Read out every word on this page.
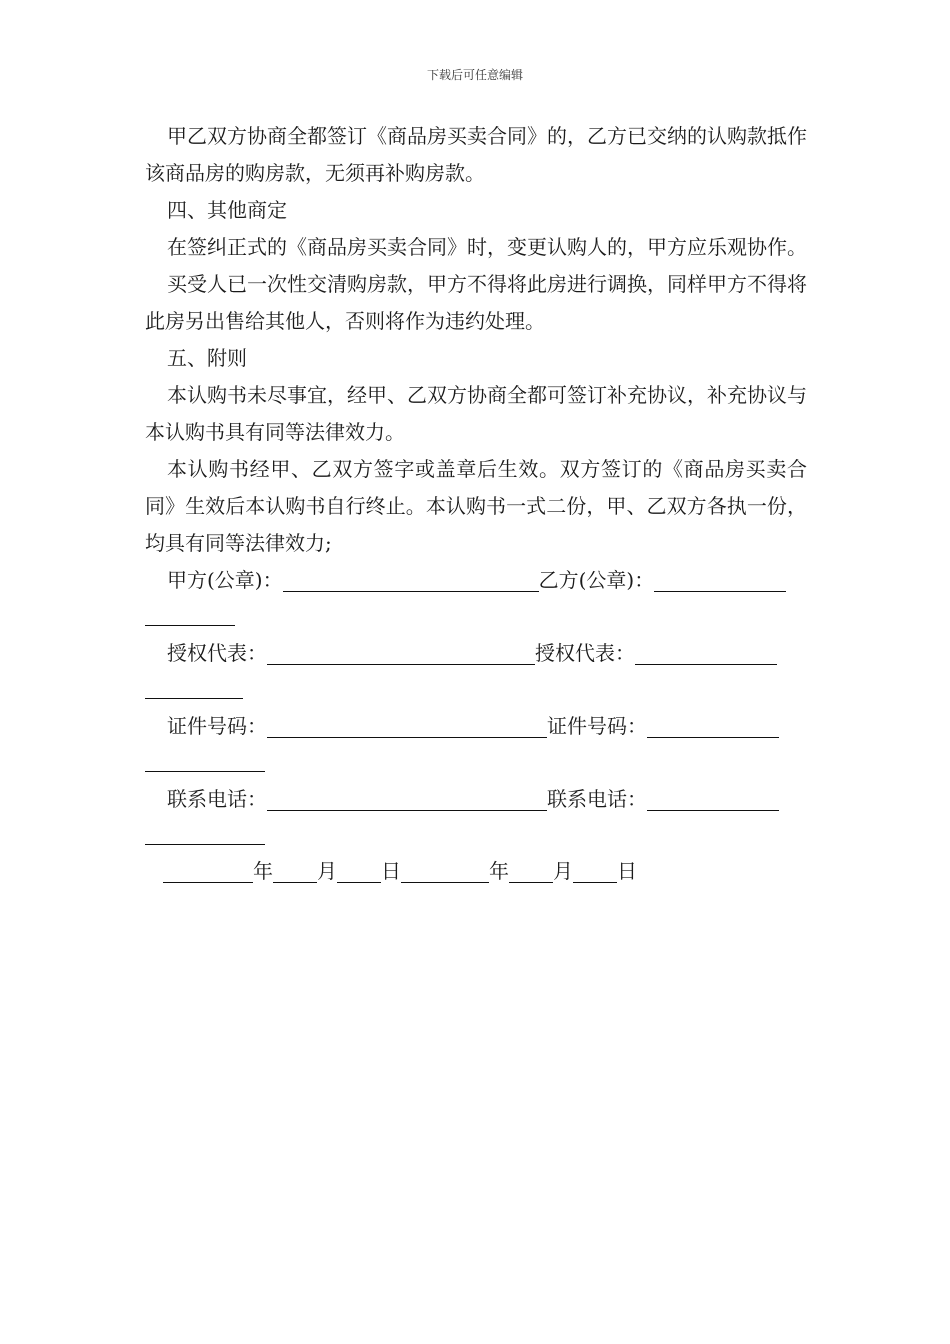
下载后可任意编辑

甲乙双方协商全都签订《商品房买卖合同》的，乙方已交纳的认购款抵作该商品房的购房款，无须再补购房款。

四、其他商定

在签纠正式的《商品房买卖合同》时，变更认购人的，甲方应乐观协作。

买受人已一次性交清购房款，甲方不得将此房进行调换，同样甲方不得将此房另出售给其他人，否则将作为违约处理。

五、附则

本认购书未尽事宜，经甲、乙双方协商全都可签订补充协议，补充协议与本认购书具有同等法律效力。

本认购书经甲、乙双方签字或盖章后生效。双方签订的《商品房买卖合同》生效后本认购书自行终止。本认购书一式二份，甲、乙双方各执一份，均具有同等法律效力;

甲方(公章)：	乙方(公章)：
授权代表：	授权代表：
证件号码：	证件号码：
联系电话：	联系电话：
年 月 日	年 月 日
